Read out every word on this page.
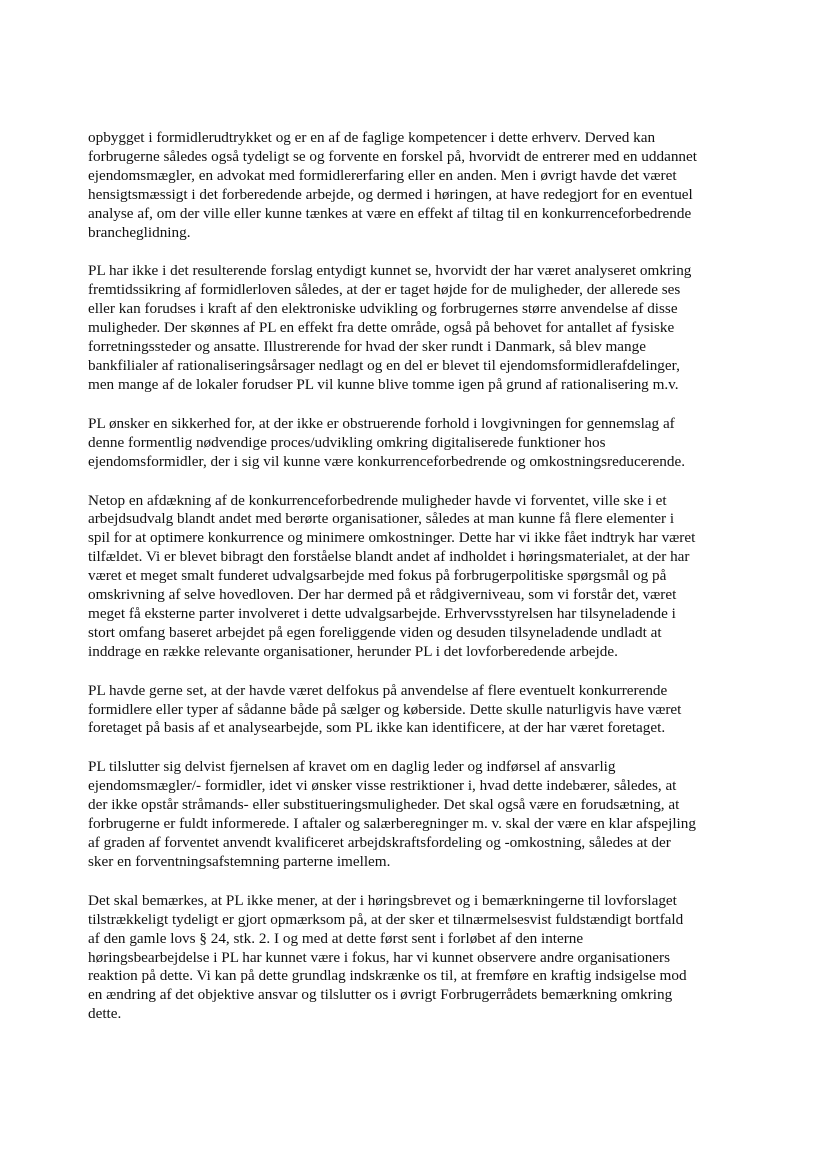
opbygget i formidlerudtrykket og er en af de faglige kompetencer i dette erhverv. Derved kan
forbrugerne således også tydeligt se og forvente en forskel på, hvorvidt de entrerer med en uddannet
ejendomsmægler, en advokat med formidlererfaring eller en anden. Men i øvrigt havde det været
hensigtsmæssigt i det forberedende arbejde, og dermed i høringen, at have redegjort for en eventuel
analyse af, om der ville eller kunne tænkes at være en effekt af tiltag til en konkurrenceforbedrende
brancheglidning.

PL har ikke i det resulterende forslag entydigt kunnet se, hvorvidt der har været analyseret omkring
fremtidssikring af formidlerloven således, at der er taget højde for de muligheder, der allerede ses
eller kan forudses i kraft af den elektroniske udvikling og forbrugernes større anvendelse af disse
muligheder. Der skønnes af PL en effekt fra dette område, også på behovet for antallet af fysiske
forretningssteder og ansatte. Illustrerende for hvad der sker rundt i Danmark, så blev mange
bankfilialer af rationaliseringsårsager nedlagt og en del er blevet til ejendomsformidlerafdelinger,
men mange af de lokaler forudser PL vil kunne blive tomme igen på grund af rationalisering m.v.

PL ønsker en sikkerhed for, at der ikke er obstruerende forhold i lovgivningen for gennemslag af
denne formentlig nødvendige proces/udvikling omkring digitaliserede funktioner hos
ejendomsformidler, der i sig vil kunne være konkurrenceforbedrende og omkostningsreducerende.

Netop en afdækning af de konkurrenceforbedrende muligheder havde vi forventet, ville ske i et
arbejdsudvalg blandt andet med berørte organisationer, således at man kunne få flere elementer i
spil for at optimere konkurrence og minimere omkostninger. Dette har vi ikke fået indtryk har været
tilfældet. Vi er blevet bibragt den forståelse blandt andet af indholdet i høringsmaterialet, at der har
været et meget smalt funderet udvalgsarbejde med fokus på forbrugerpolitiske spørgsmål og på
omskrivning af selve hovedloven. Der har dermed på et rådgiverniveau, som vi forstår det, været
meget få eksterne parter involveret i dette udvalgsarbejde. Erhvervsstyrelsen har tilsyneladende i
stort omfang baseret arbejdet på egen foreliggende viden og desuden tilsyneladende undladt at
inddrage en række relevante organisationer, herunder PL i det lovforberedende arbejde.

PL havde gerne set, at der havde været delfokus på anvendelse af flere eventuelt konkurrerende
formidlere eller typer af sådanne både på sælger og køberside. Dette skulle naturligvis have været
foretaget på basis af et analysearbejde, som PL ikke kan identificere, at der har været foretaget.

PL tilslutter sig delvist fjernelsen af kravet om en daglig leder og indførsel af ansvarlig
ejendomsmægler/- formidler, idet vi ønsker visse restriktioner i, hvad dette indebærer, således, at
der ikke opstår stråmands- eller substitueringsmuligheder. Det skal også være en forudsætning, at
forbrugerne er fuldt informerede. I aftaler og salærberegninger m. v. skal der være en klar afspejling
af graden af forventet anvendt kvalificeret arbejdskraftsfordeling og -omkostning, således at der
sker en forventningsafstemning parterne imellem.

Det skal bemærkes, at PL ikke mener, at der i høringsbrevet og i bemærkningerne til lovforslaget
tilstrækkeligt tydeligt er gjort opmærksom på, at der sker et tilnærmelsesvist fuldstændigt bortfald
af den gamle lovs § 24, stk. 2. I og med at dette først sent i forløbet af den interne
høringsbearbejdelse i PL har kunnet være i fokus, har vi kunnet observere andre organisationers
reaktion på dette. Vi kan på dette grundlag indskrænke os til, at fremføre en kraftig indsigelse mod
en ændring af det objektive ansvar og tilslutter os i øvrigt Forbrugerrådets bemærkning omkring
dette.
